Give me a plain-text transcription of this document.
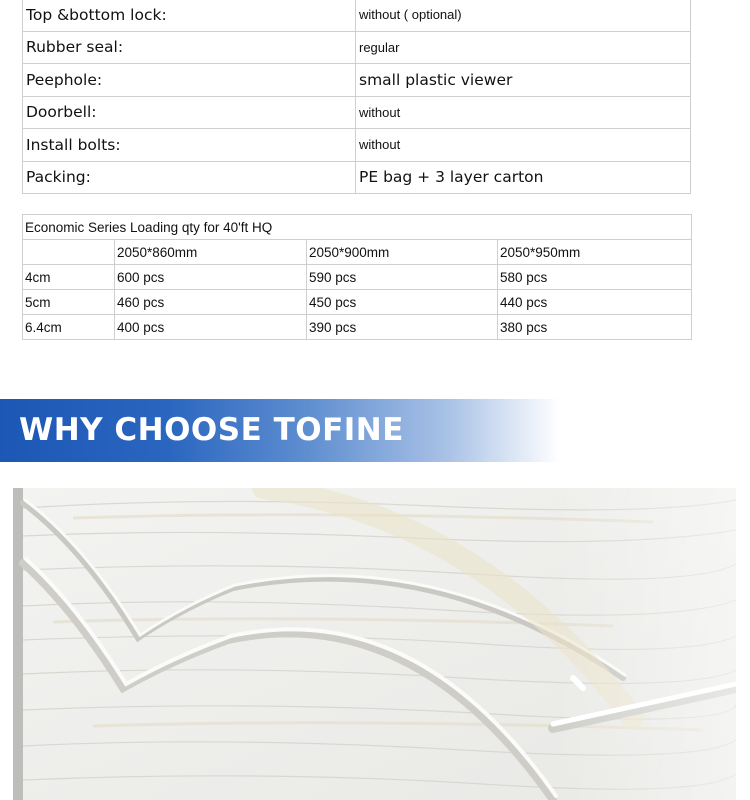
Top &bottom lock:	without ( optional)
Rubber seal:	regular
Peephole:	small plastic viewer
Doorbell:	without
Install bolts:	without
Packing:	PE bag + 3 layer carton
Economic Series Loading qty for 40'ft HQ			
	2050*860mm	2050*900mm	2050*950mm
4cm	600 pcs	590 pcs	580 pcs
5cm	460 pcs	450 pcs	440 pcs
6.4cm	400 pcs	390 pcs	380 pcs
WHY CHOOSE TOFINE
